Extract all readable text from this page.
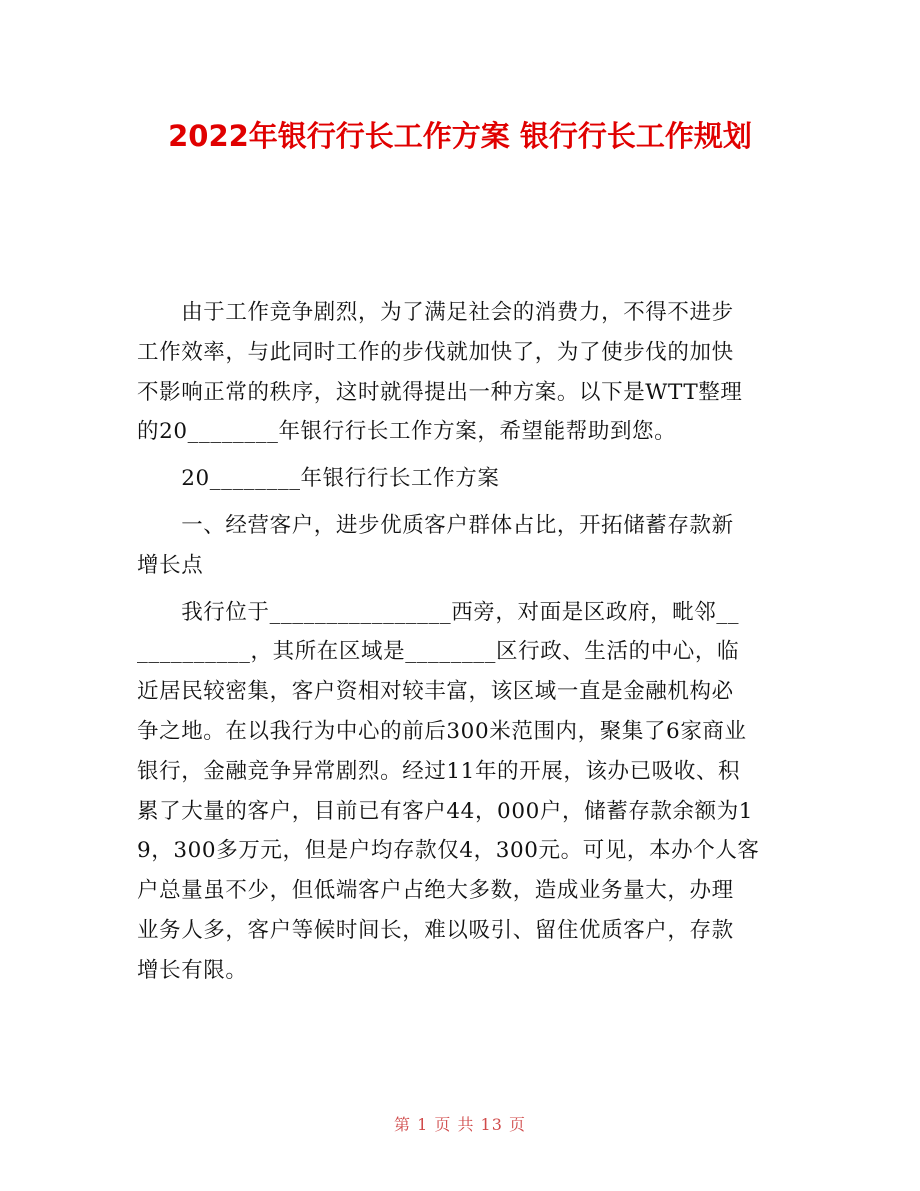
2022年银行行长工作方案 银行行长工作规划
　　由于工作竞争剧烈，为了满足社会的消费力，不得不进步
工作效率，与此同时工作的步伐就加快了，为了使步伐的加快
不影响正常的秩序，这时就得提出一种方案。以下是WTT整理
的20________年银行行长工作方案，希望能帮助到您。
　　20________年银行行长工作方案
　　一、经营客户，进步优质客户群体占比，开拓储蓄存款新
增长点
　　我行位于________________西旁，对面是区政府，毗邻__
__________，其所在区域是________区行政、生活的中心，临
近居民较密集，客户资相对较丰富，该区域一直是金融机构必
争之地。在以我行为中心的前后300米范围内，聚集了6家商业
银行，金融竞争异常剧烈。经过11年的开展，该办已吸收、积
累了大量的客户，目前已有客户44，000户，储蓄存款余额为1
9，300多万元，但是户均存款仅4，300元。可见，本办个人客
户总量虽不少，但低端客户占绝大多数，造成业务量大，办理
业务人多，客户等候时间长，难以吸引、留住优质客户，存款
增长有限。
第 1 页 共 13 页
